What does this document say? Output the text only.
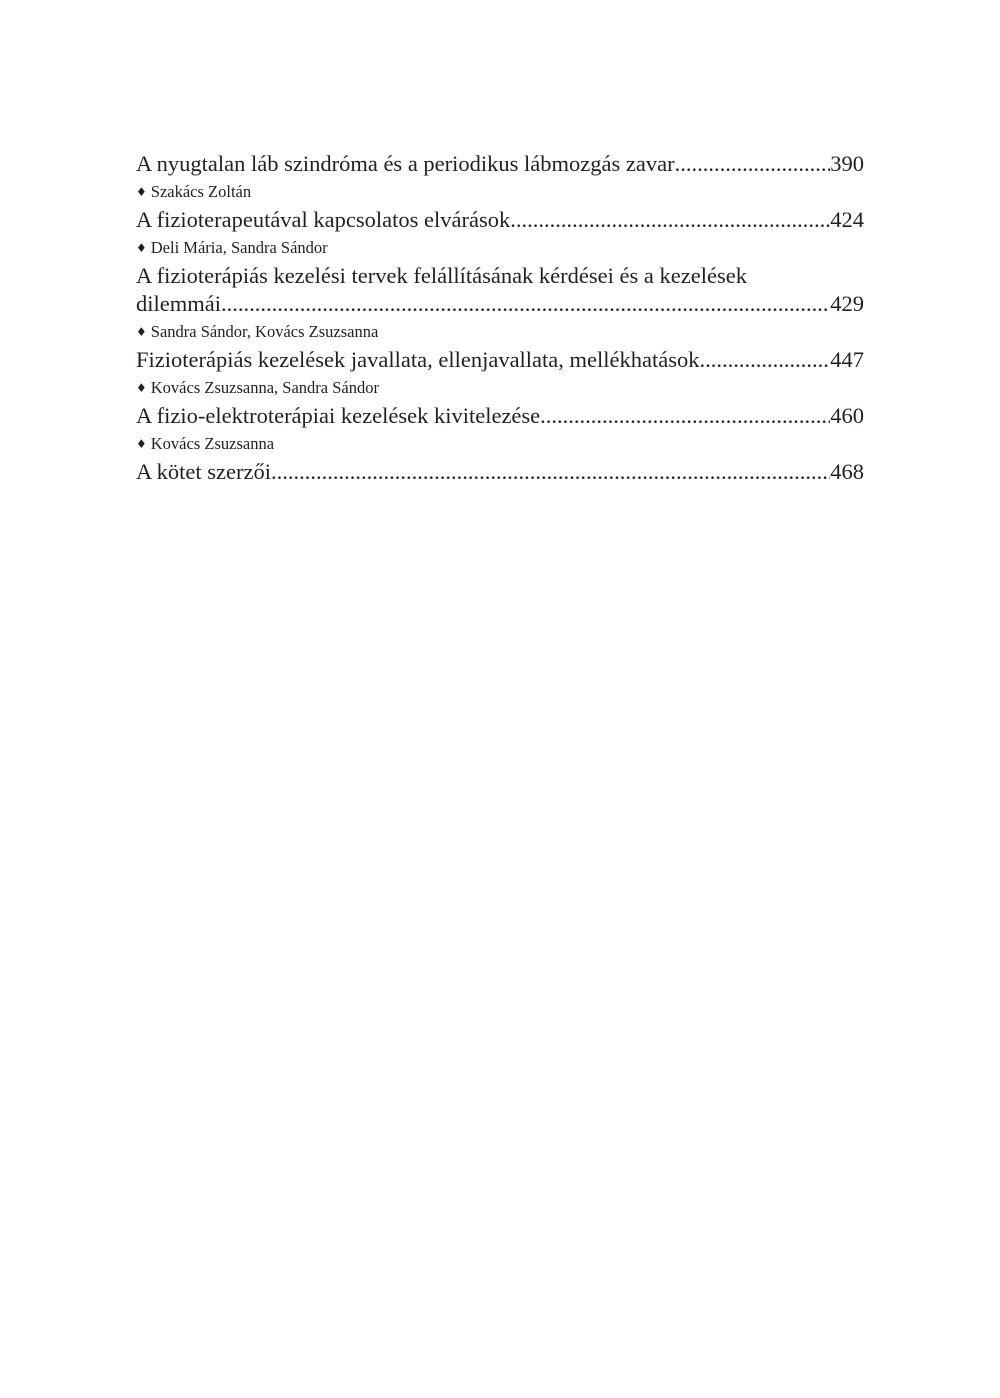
A nyugtalan láb szindróma és a periodikus lábmozgás zavar .....	390
♦ Szakács Zoltán
A fizioterapeutával kapcsolatos elvárások .....	424
♦ Deli Mária, Sandra Sándor
A fizioterápiás kezelési tervek felállításának kérdései és a kezelések
dilemmái .....	429
♦ Sandra Sándor, Kovács Zsuzsanna
Fizioterápiás kezelések javallata, ellenjavallata, mellékhatások .....	447
♦ Kovács Zsuzsanna, Sandra Sándor
A fizio-elektroterápiai kezelések kivitelezése .....	460
♦ Kovács Zsuzsanna
A kötet szerzői .....	468
